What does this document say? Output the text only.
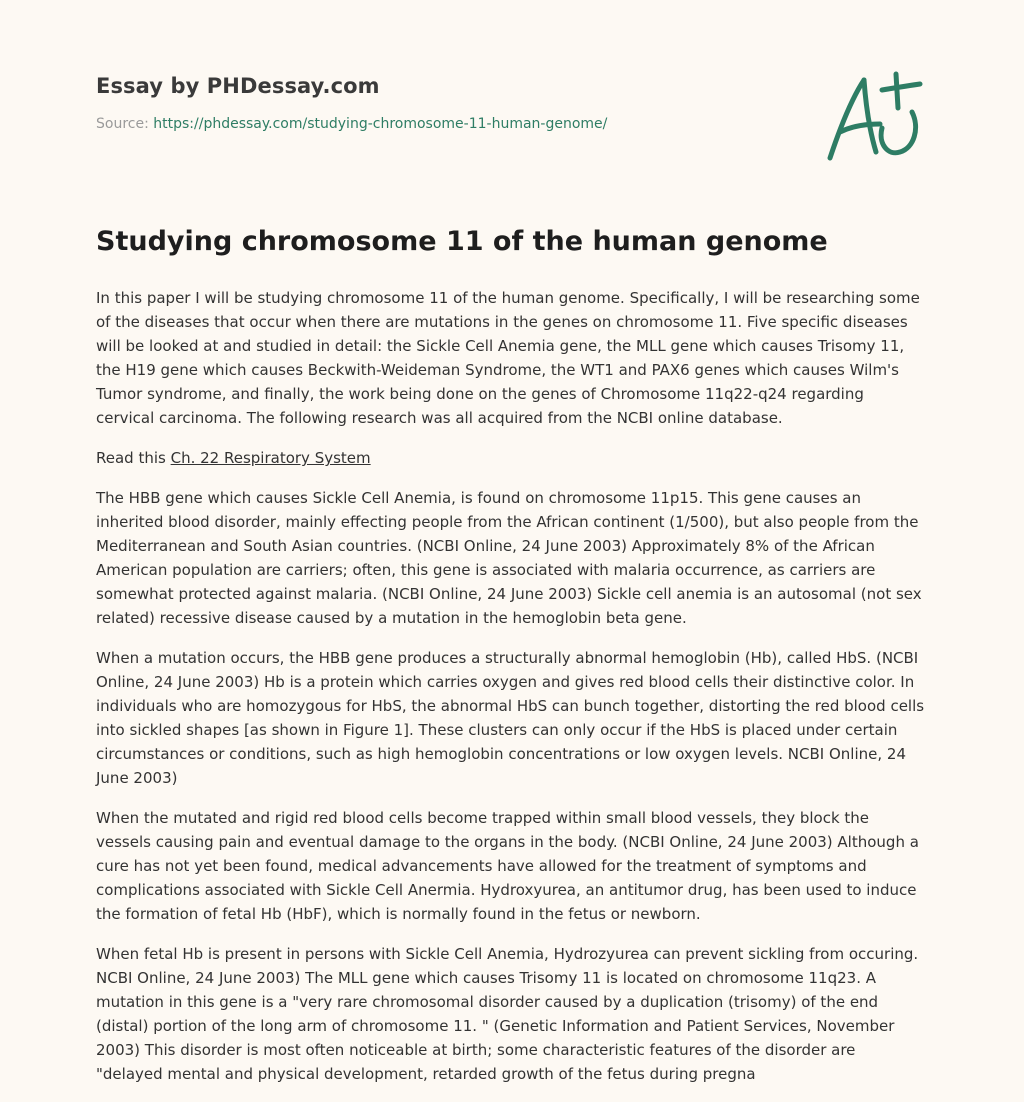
Essay by PHDessay.com
Source: https://phdessay.com/studying-chromosome-11-human-genome/
Studying chromosome 11 of the human genome

In this paper I will be studying chromosome 11 of the human genome. Specifically, I will be researching some of the diseases that occur when there are mutations in the genes on chromosome 11. Five specific diseases will be looked at and studied in detail: the Sickle Cell Anemia gene, the MLL gene which causes Trisomy 11, the H19 gene which causes Beckwith-Weideman Syndrome, the WT1 and PAX6 genes which causes Wilm's Tumor syndrome, and finally, the work being done on the genes of Chromosome 11q22-q24 regarding cervical carcinoma. The following research was all acquired from the NCBI online database.

Read this Ch. 22 Respiratory System

The HBB gene which causes Sickle Cell Anemia, is found on chromosome 11p15. This gene causes an inherited blood disorder, mainly effecting people from the African continent (1/500), but also people from the Mediterranean and South Asian countries. (NCBI Online, 24 June 2003) Approximately 8% of the African American population are carriers; often, this gene is associated with malaria occurrence, as carriers are somewhat protected against malaria. (NCBI Online, 24 June 2003) Sickle cell anemia is an autosomal (not sex related) recessive disease caused by a mutation in the hemoglobin beta gene.

When a mutation occurs, the HBB gene produces a structurally abnormal hemoglobin (Hb), called HbS. (NCBI Online, 24 June 2003) Hb is a protein which carries oxygen and gives red blood cells their distinctive color. In individuals who are homozygous for HbS, the abnormal HbS can bunch together, distorting the red blood cells into sickled shapes [as shown in Figure 1]. These clusters can only occur if the HbS is placed under certain circumstances or conditions, such as high hemoglobin concentrations or low oxygen levels. NCBI Online, 24 June 2003)

When the mutated and rigid red blood cells become trapped within small blood vessels, they block the vessels causing pain and eventual damage to the organs in the body. (NCBI Online, 24 June 2003) Although a cure has not yet been found, medical advancements have allowed for the treatment of symptoms and complications associated with Sickle Cell Anermia. Hydroxyurea, an antitumor drug, has been used to induce the formation of fetal Hb (HbF), which is normally found in the fetus or newborn.

When fetal Hb is present in persons with Sickle Cell Anemia, Hydrozyurea can prevent sickling from occuring. NCBI Online, 24 June 2003) The MLL gene which causes Trisomy 11 is located on chromosome 11q23. A mutation in this gene is a "very rare chromosomal disorder caused by a duplication (trisomy) of the end (distal) portion of the long arm of chromosome 11. " (Genetic Information and Patient Services, November 2003) This disorder is most often noticeable at birth; some characteristic features of the disorder are "delayed mental and physical development, retarded growth of the fetus during pregna
